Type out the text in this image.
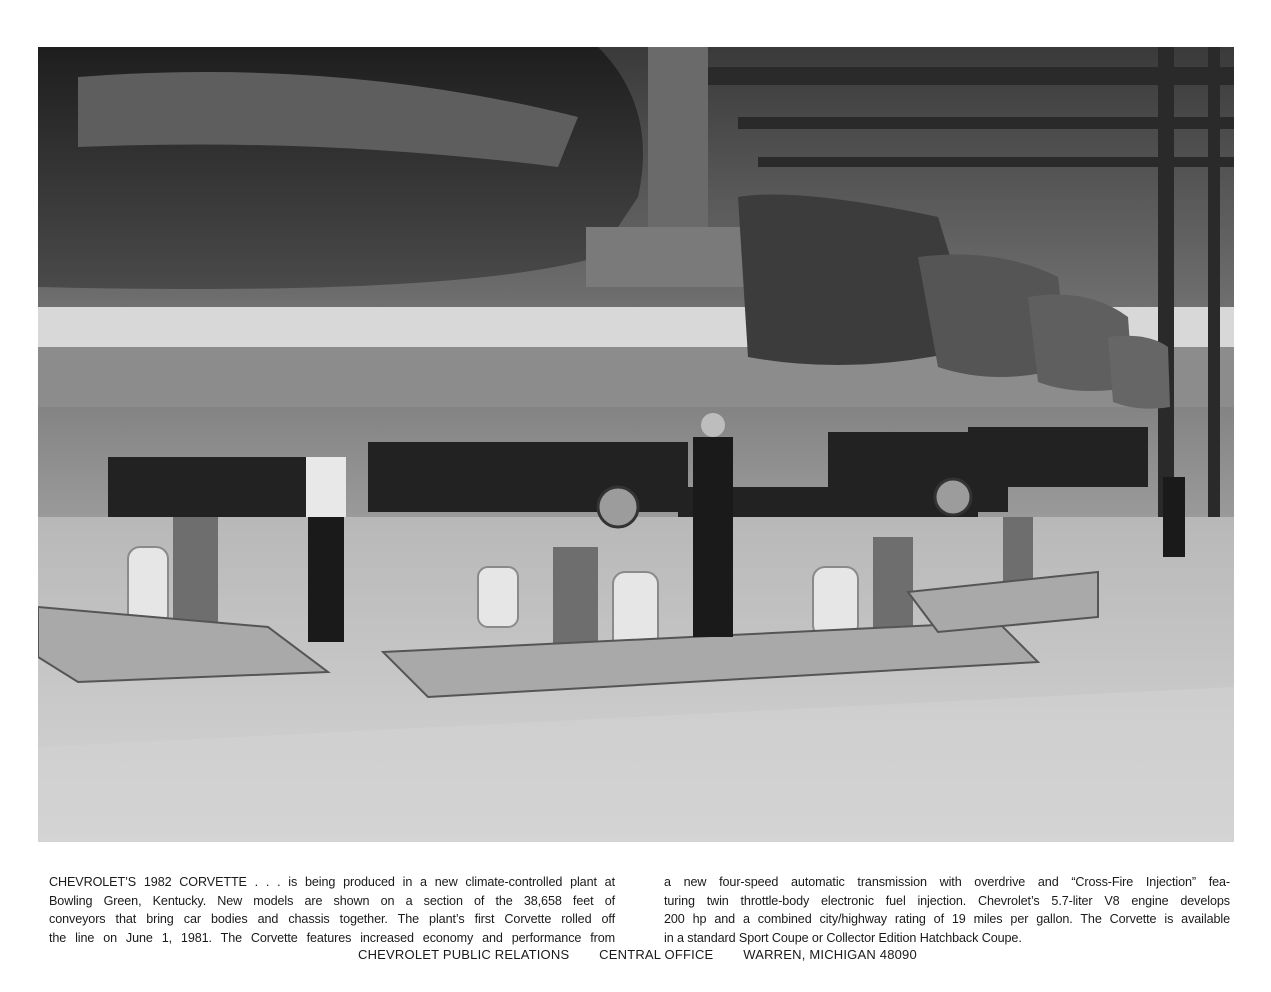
CHEVROLET’S 1982 CORVETTE . . . is being produced in a new climate-controlled plant at
Bowling Green, Kentucky. New models are shown on a section of the 38,658 feet of
conveyors that bring car bodies and chassis together. The plant’s first Corvette rolled off
the line on June 1, 1981. The Corvette features increased economy and performance from
a new four-speed automatic transmission with overdrive and “Cross-Fire Injection” fea-
turing twin throttle-body electronic fuel injection. Chevrolet’s 5.7-liter V8 engine develops
200 hp and a combined city/highway rating of 19 miles per gallon. The Corvette is available
in a standard Sport Coupe or Collector Edition Hatchback Coupe.
CHEVROLET PUBLIC RELATIONS CENTRAL OFFICE WARREN, MICHIGAN 48090
